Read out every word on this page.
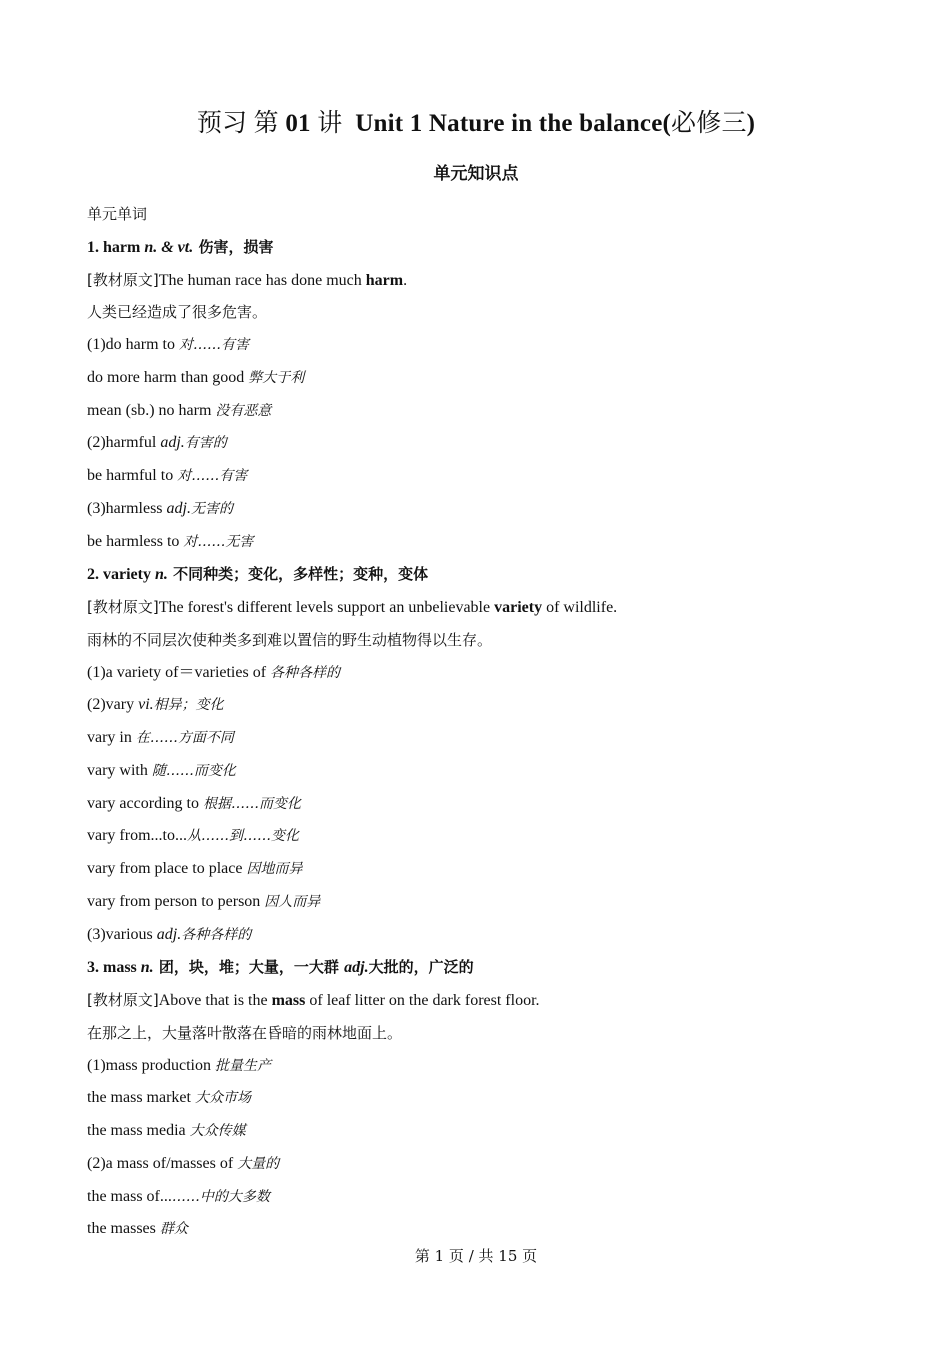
预习 第 01 讲 Unit 1 Nature in the balance(必修三)
单元知识点
单元单词
1. harm n. & vt. 伤害，损害
[教材原文]The human race has done much harm.
人类已经造成了很多危害。
(1)do harm to 对……有害
do more harm than good 弊大于利
mean (sb.) no harm 没有恶意
(2)harmful adj.有害的
be harmful to 对……有害
(3)harmless adj.无害的
be harmless to 对……无害
2. variety n. 不同种类；变化，多样性；变种，变体
[教材原文]The forest's different levels support an unbelievable variety of wildlife.
雨林的不同层次使种类多到难以置信的野生动植物得以生存。
(1)a variety of＝varieties of 各种各样的
(2)vary vi.相异；变化
vary in 在……方面不同
vary with 随……而变化
vary according to 根据……而变化
vary from...to...从……到……变化
vary from place to place 因地而异
vary from person to person 因人而异
(3)various adj.各种各样的
3. mass n. 团，块，堆；大量，一大群 adj.大批的，广泛的
[教材原文]Above that is the mass of leaf litter on the dark forest floor.
在那之上，大量落叶散落在昏暗的雨林地面上。
(1)mass production 批量生产
the mass market 大众市场
the mass media 大众传媒
(2)a mass of/masses of 大量的
the mass of...……中的大多数
the masses 群众
第 1 页 / 共 15 页
